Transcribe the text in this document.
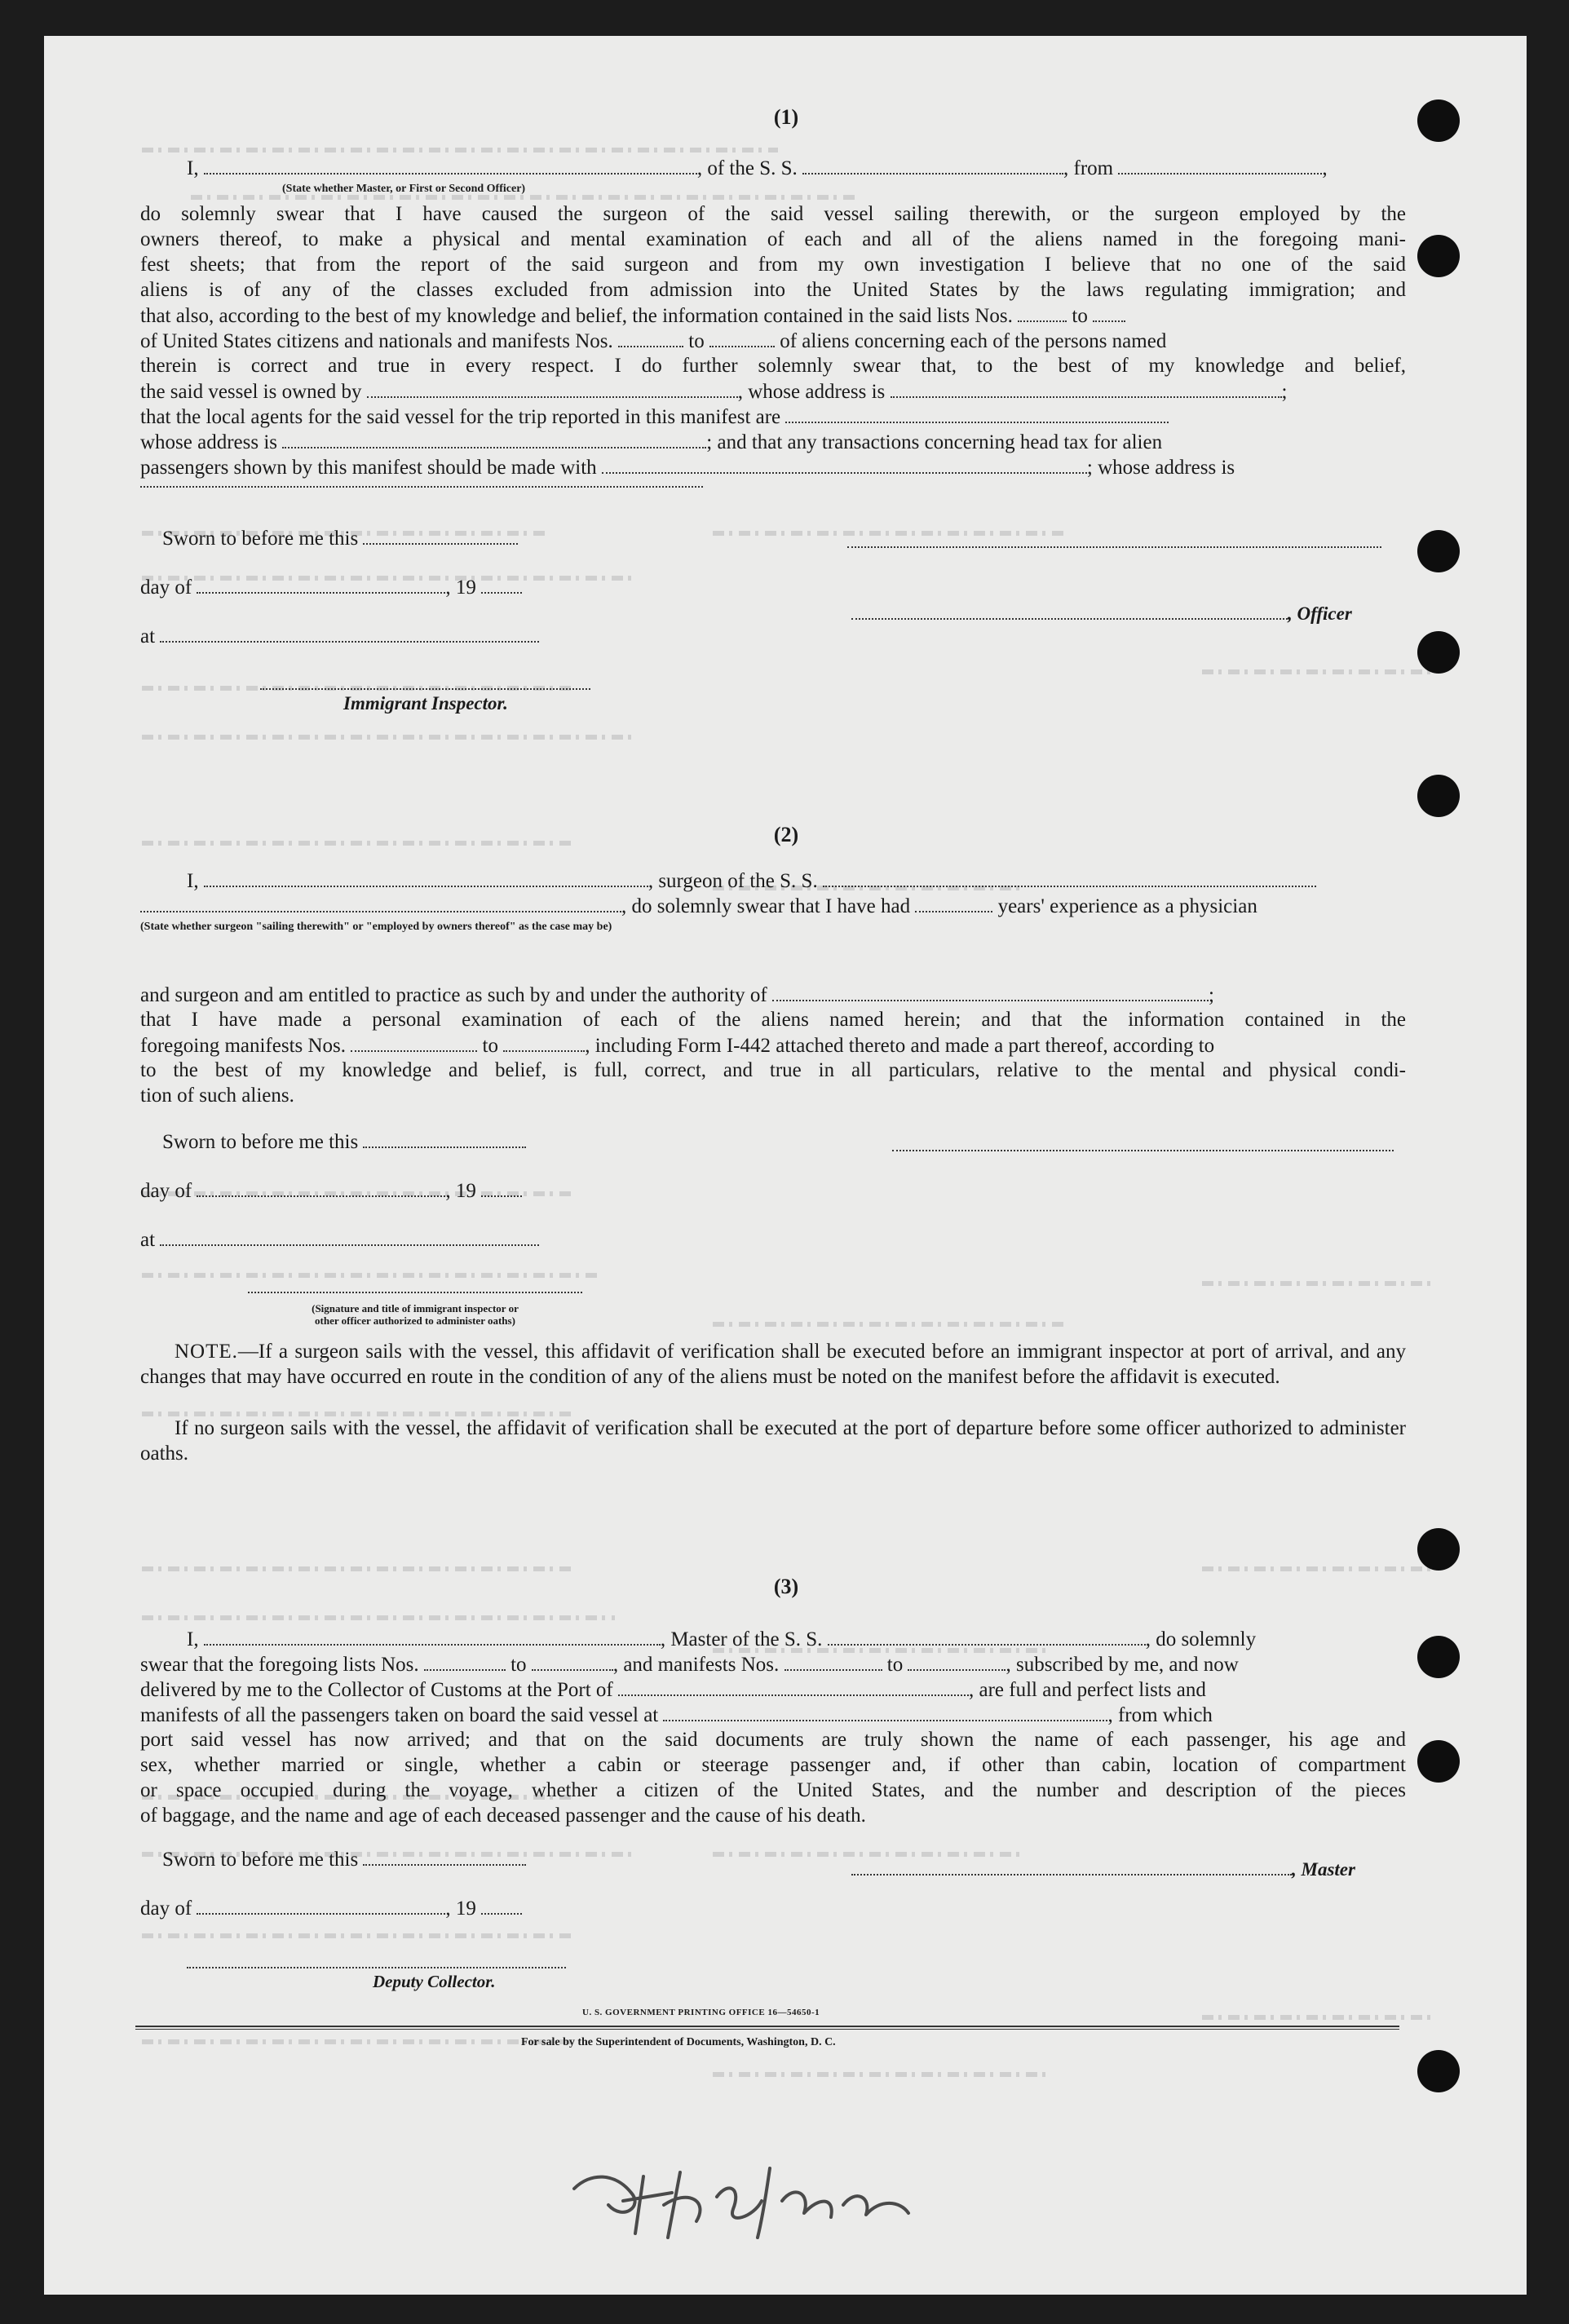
(1)
I,	, of the S. S.	, from	,
(State whether Master, or First or Second Officer)
do solemnly swear that I have caused the surgeon of the said vessel sailing therewith, or the surgeon employed by the
owners thereof, to make a physical and mental examination of each and all of the aliens named in the foregoing mani-
fest sheets; that from the report of the said surgeon and from my own investigation I believe that no one of the said
aliens is of any of the classes excluded from admission into the United States by the laws regulating immigration; and
that also, according to the best of my knowledge and belief, the information contained in the said lists Nos.	to
of United States citizens and nationals and manifests Nos.	to	of aliens concerning each of the persons named
therein is correct and true in every respect. I do further solemnly swear that, to the best of my knowledge and belief,
the said vessel is owned by	, whose address is	;
that the local agents for the said vessel for the trip reported in this manifest are
whose address is	; and that any transactions concerning head tax for alien
passengers shown by this manifest should be made with	; whose address is
Sworn to before me this
day of	, 19
, Officer
at
Immigrant Inspector.
(2)
I,	, surgeon of the S. S.
, do solemnly swear that I have had	years' experience as a physician
(State whether surgeon "sailing therewith" or "employed by owners thereof" as the case may be)
and surgeon and am entitled to practice as such by and under the authority of	;
that I have made a personal examination of each of the aliens named herein; and that the information contained in the
foregoing manifests Nos.	to	, including Form I-442 attached thereto and made a part thereof, according to
to the best of my knowledge and belief, is full, correct, and true in all particulars, relative to the mental and physical condi-
tion of such aliens.
Sworn to before me this
day of	, 19
at
(Signature and title of immigrant inspector or
other officer authorized to administer oaths)
NOTE.—If a surgeon sails with the vessel, this affidavit of verification shall be executed before an immigrant inspector at port of arrival, and any changes that may have occurred en route in the condition of any of the aliens must be noted on the manifest before the affidavit is executed.
If no surgeon sails with the vessel, the affidavit of verification shall be executed at the port of departure before some officer authorized to administer oaths.
(3)
I,	, Master of the S. S.	, do solemnly
swear that the foregoing lists Nos.	to	, and manifests Nos.	to	, subscribed by me, and now
delivered by me to the Collector of Customs at the Port of	, are full and perfect lists and
manifests of all the passengers taken on board the said vessel at	, from which
port said vessel has now arrived; and that on the said documents are truly shown the name of each passenger, his age and
sex, whether married or single, whether a cabin or steerage passenger and, if other than cabin, location of compartment
or space occupied during the voyage, whether a citizen of the United States, and the number and description of the pieces
of baggage, and the name and age of each deceased passenger and the cause of his death.
Sworn to before me this	, Master
day of	, 19
Deputy Collector.
U. S. GOVERNMENT PRINTING OFFICE 16—54650-1
For sale by the Superintendent of Documents, Washington, D. C.
